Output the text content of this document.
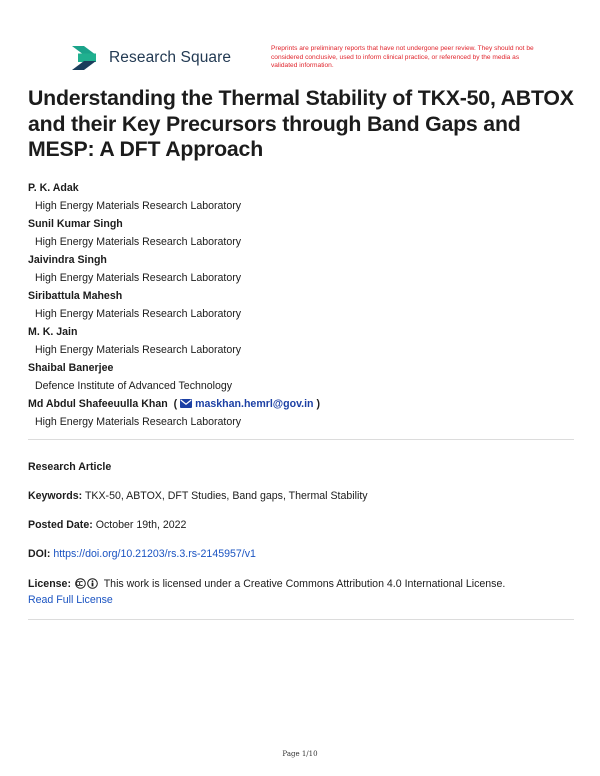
Research Square
Preprints are preliminary reports that have not undergone peer review. They should not be considered conclusive, used to inform clinical practice, or referenced by the media as validated information.
Understanding the Thermal Stability of TKX-50, ABTOX and their Key Precursors through Band Gaps and MESP: A DFT Approach
P. K. Adak
High Energy Materials Research Laboratory
Sunil Kumar Singh
High Energy Materials Research Laboratory
Jaivindra Singh
High Energy Materials Research Laboratory
Siribattula Mahesh
High Energy Materials Research Laboratory
M. K. Jain
High Energy Materials Research Laboratory
Shaibal Banerjee
Defence Institute of Advanced Technology
Md Abdul Shafeeuulla Khan  ( maskhan.hemrl@gov.in )
High Energy Materials Research Laboratory
Research Article
Keywords: TKX-50, ABTOX, DFT Studies, Band gaps, Thermal Stability
Posted Date: October 19th, 2022
DOI: https://doi.org/10.21203/rs.3.rs-2145957/v1
License:	This work is licensed under a Creative Commons Attribution 4.0 International License.
Read Full License
Page 1/10
